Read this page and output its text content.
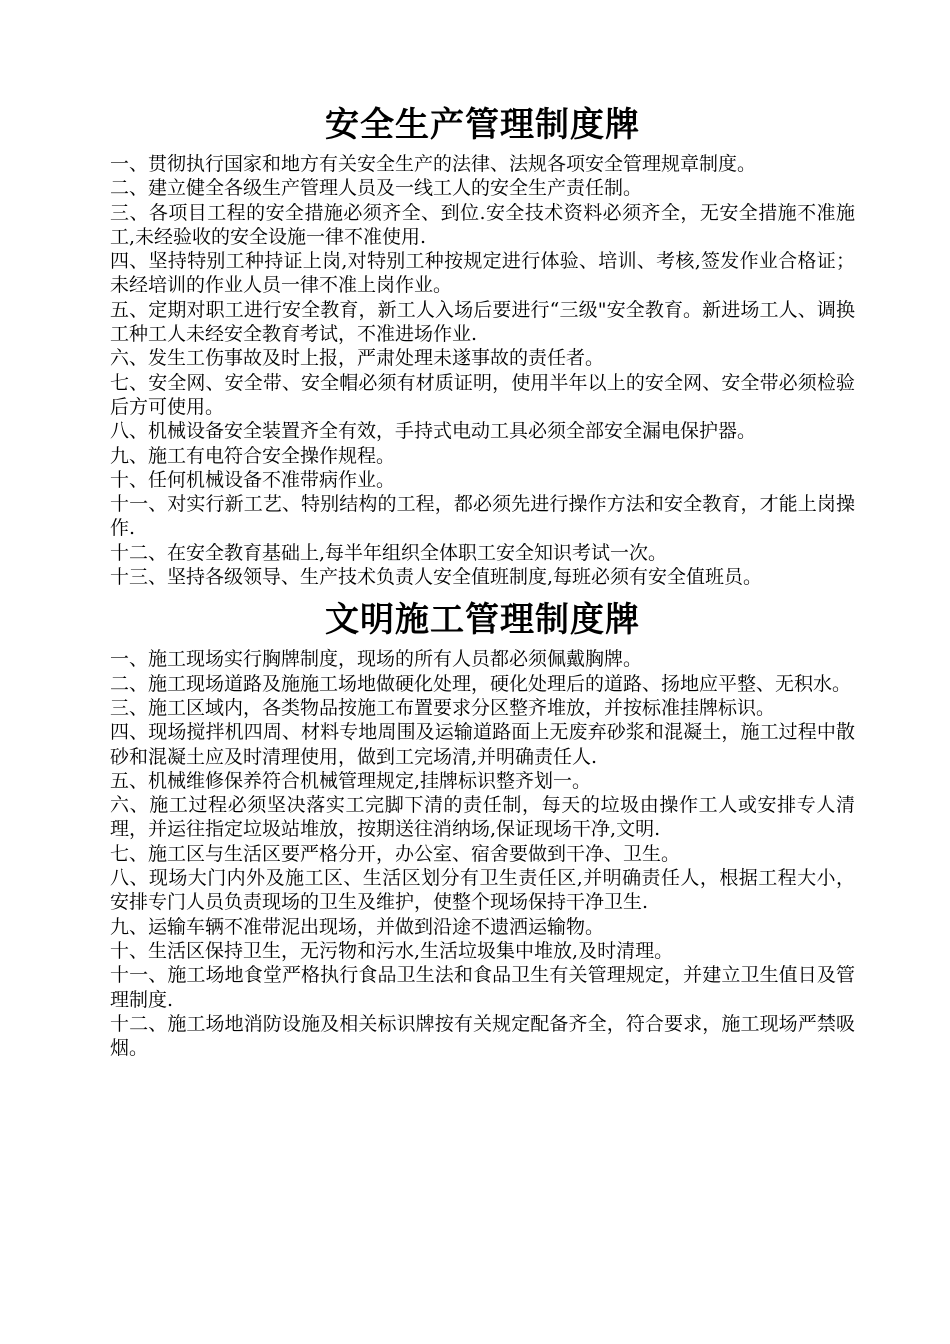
安全生产管理制度牌
一、贯彻执行国家和地方有关安全生产的法律、法规各项安全管理规章制度。
二、建立健全各级生产管理人员及一线工人的安全生产责任制。
三、各项目工程的安全措施必须齐全、到位.安全技术资料必须齐全，无安全措施不准施工,未经验收的安全设施一律不准使用.
四、坚持特别工种持证上岗,对特别工种按规定进行体验、培训、考核,签发作业合格证；未经培训的作业人员一律不准上岗作业。
五、定期对职工进行安全教育，新工人入场后要进行“三级"安全教育。新进场工人、调换工种工人未经安全教育考试，不准进场作业.
六、发生工伤事故及时上报，严肃处理未遂事故的责任者。
七、安全网、安全带、安全帽必须有材质证明，使用半年以上的安全网、安全带必须检验后方可使用。
八、机械设备安全装置齐全有效，手持式电动工具必须全部安全漏电保护器。
九、施工有电符合安全操作规程。
十、任何机械设备不准带病作业。
十一、对实行新工艺、特别结构的工程，都必须先进行操作方法和安全教育，才能上岗操作.
十二、在安全教育基础上,每半年组织全体职工安全知识考试一次。
十三、坚持各级领导、生产技术负责人安全值班制度,每班必须有安全值班员。
文明施工管理制度牌
一、施工现场实行胸牌制度，现场的所有人员都必须佩戴胸牌。
二、施工现场道路及施施工场地做硬化处理，硬化处理后的道路、扬地应平整、无积水。
三、施工区域内，各类物品按施工布置要求分区整齐堆放，并按标准挂牌标识。
四、现场搅拌机四周、材料专地周围及运输道路面上无废弃砂浆和混凝土，施工过程中散砂和混凝土应及时清理使用，做到工完场清,并明确责任人.
五、机械维修保养符合机械管理规定,挂牌标识整齐划一。
六、施工过程必须坚决落实工完脚下清的责任制，每天的垃圾由操作工人或安排专人清理，并运往指定垃圾站堆放，按期送往消纳场,保证现场干净,文明.
七、施工区与生活区要严格分开，办公室、宿舍要做到干净、卫生。
八、现场大门内外及施工区、生活区划分有卫生责任区,并明确责任人，根据工程大小，安排专门人员负责现场的卫生及维护，使整个现场保持干净卫生.
九、运输车辆不准带泥出现场，并做到沿途不遗洒运输物。
十、生活区保持卫生，无污物和污水,生活垃圾集中堆放,及时清理。
十一、施工场地食堂严格执行食品卫生法和食品卫生有关管理规定，并建立卫生值日及管理制度.
十二、施工场地消防设施及相关标识牌按有关规定配备齐全，符合要求，施工现场严禁吸烟。
